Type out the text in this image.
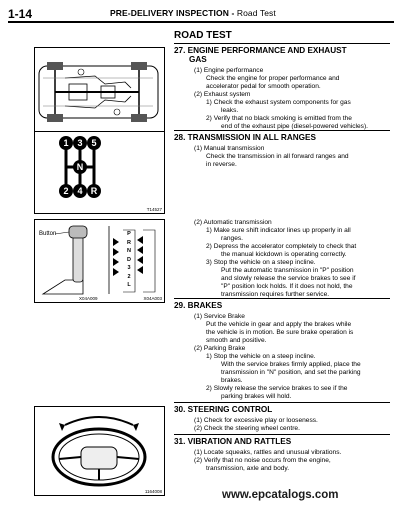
1-14	PRE-DELIVERY INSPECTION - Road Test
1 3 5
N
2 4 R
T14527
Button	P
R
N
D
3
2
L
X04A009	X04A003
1164008
ROAD TEST
27. ENGINE PERFORMANCE AND EXHAUST
GAS
(1) Engine performance
Check the engine for proper performance and
accelerator pedal for smooth operation.
(2) Exhaust system
1) Check the exhaust system components for gas
leaks.
2) Verify that no black smoking is emitted from the
end of the exhaust pipe (diesel-powered vehicles).
28. TRANSMISSION IN ALL RANGES
(1) Manual transmission
Check the transmission in all forward ranges and
in reverse.
(2) Automatic transmission
1) Make sure shift indicator lines up properly in all
ranges.
2) Depress the accelerator completely to check that
the manual kickdown is operating correctly.
3) Stop the vehicle on a steep incline.
Put the automatic transmission in "P" position
and slowly release the service brakes to see if
"P" position lock holds. If it does not hold, the
transmission requires further service.
29. BRAKES
(1) Service Brake
Put the vehicle in gear and apply the brakes while
the vehicle is in motion. Be sure brake operation is
smooth and positive.
(2) Parking Brake
1) Stop the vehicle on a steep incline.
With the service brakes firmly applied, place the
transmission in "N" position, and set the parking
brakes.
2) Slowly release the service brakes to see if the
parking brakes will hold.
30. STEERING CONTROL
(1) Check for excessive play or looseness.
(2) Check the steering wheel centre.
31. VIBRATION AND RATTLES
(1) Locate squeaks, rattles and unusual vibrations.
(2) Verify that no noise occurs from the engine,
transmission, axle and body.
www.epcatalogs.com
